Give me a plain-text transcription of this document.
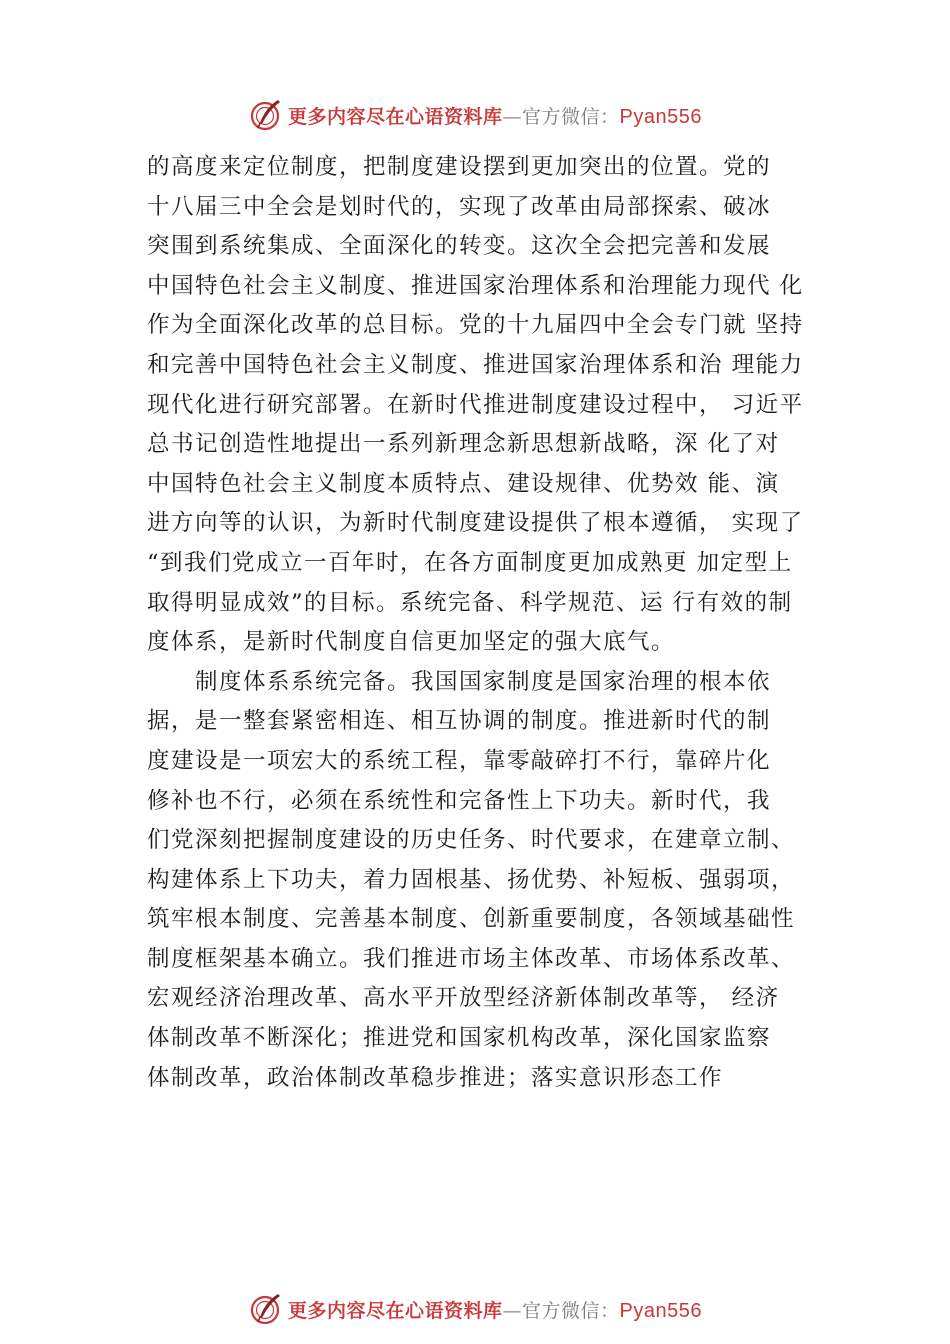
更多内容尽在心语资料库—官方微信：Pyan556
的高度来定位制度，把制度建设摆到更加突出的位置。党的
十八届三中全会是划时代的，实现了改革由局部探索、破冰
突围到系统集成、全面深化的转变。这次全会把完善和发展
中国特色社会主义制度、推进国家治理体系和治理能力现代 化
作为全面深化改革的总目标。党的十九届四中全会专门就 坚持
和完善中国特色社会主义制度、推进国家治理体系和治 理能力
现代化进行研究部署。在新时代推进制度建设过程中， 习近平
总书记创造性地提出一系列新理念新思想新战略，深 化了对
中国特色社会主义制度本质特点、建设规律、优势效 能、演
进方向等的认识，为新时代制度建设提供了根本遵循， 实现了
“到我们党成立一百年时，在各方面制度更加成熟更 加定型上
取得明显成效”的目标。系统完备、科学规范、运 行有效的制
度体系，是新时代制度自信更加坚定的强大底气。
制度体系系统完备。我国国家制度是国家治理的根本依
据，是一整套紧密相连、相互协调的制度。推进新时代的制
度建设是一项宏大的系统工程，靠零敲碎打不行，靠碎片化
修补也不行，必须在系统性和完备性上下功夫。新时代，我
们党深刻把握制度建设的历史任务、时代要求，在建章立制、
构建体系上下功夫，着力固根基、扬优势、补短板、强弱项，
筑牢根本制度、完善基本制度、创新重要制度，各领域基础性
制度框架基本确立。我们推进市场主体改革、市场体系改革、
宏观经济治理改革、高水平开放型经济新体制改革等， 经济
体制改革不断深化；推进党和国家机构改革，深化国家监察
体制改革，政治体制改革稳步推进；落实意识形态工作
更多内容尽在心语资料库—官方微信：Pyan556
